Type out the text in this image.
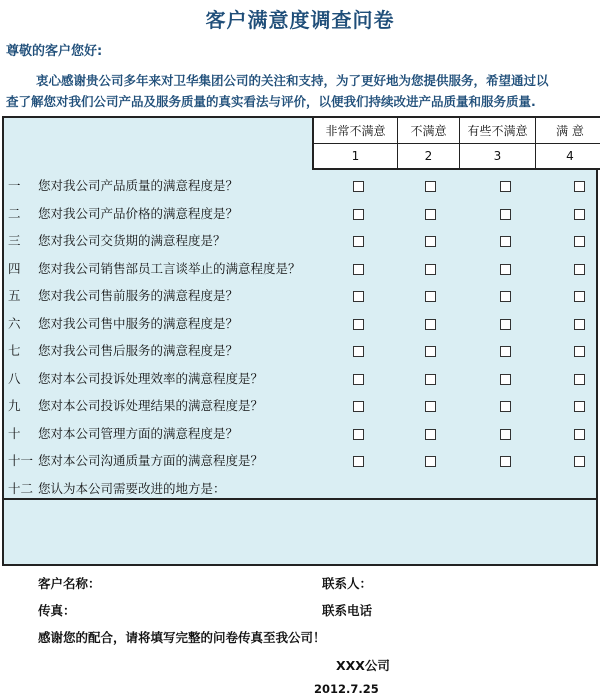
客户满意度调查问卷
尊敬的客户您好:
衷心感谢贵公司多年来对卫华集团公司的关注和支持，为了更好地为您提供服务，希望通过以
查了解您对我们公司产品及服务质量的真实看法与评价，以便我们持续改进产品质量和服务质量.
非常不满意
1
不满意
2
有些不满意
3
满 意
4
一 您对我公司产品质量的满意程度是？
二 您对我公司产品价格的满意程度是？
三 您对我公司交货期的满意程度是？
四 您对我公司销售部员工言谈举止的满意程度是？
五 您对我公司售前服务的满意程度是？
六 您对我公司售中服务的满意程度是？
七 您对我公司售后服务的满意程度是？
八 您对本公司投诉处理效率的满意程度是？
九 您对本公司投诉处理结果的满意程度是？
十 您对本公司管理方面的满意程度是？
十一 您对本公司沟通质量方面的满意程度是？
十二 您认为本公司需要改进的地方是：
客户名称：	联系人：
传真：	联系电话
感谢您的配合，请将填写完整的问卷传真至我公司！
XXX公司
2012.7.25
